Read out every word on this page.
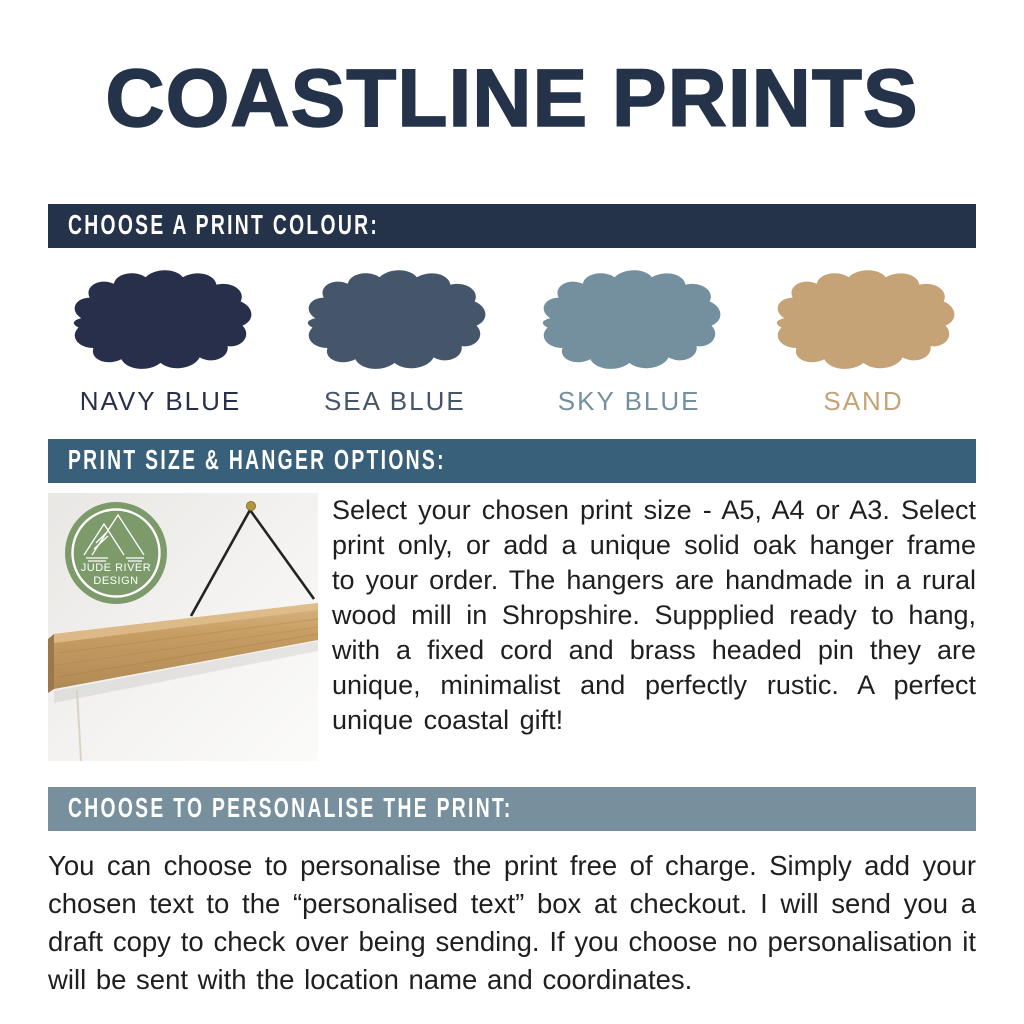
COASTLINE PRINTS
CHOOSE A PRINT COLOUR:
NAVY BLUE	SEA BLUE	SKY BLUE	SAND
PRINT SIZE & HANGER OPTIONS:
JUDE RIVER
DESIGN

Select your chosen print size - A5, A4 or A3. Select print only, or add a unique solid oak hanger frame to your order. The hangers are handmade in a rural wood mill in Shropshire. Suppplied ready to hang, with a fixed cord and brass headed pin they are unique, minimalist and perfectly rustic. A perfect unique coastal gift!

CHOOSE TO PERSONALISE THE PRINT:

You can choose to personalise the print free of charge. Simply add your chosen text to the “personalised text” box at checkout. I will send you a draft copy to check over being sending. If you choose no personalisation it will be sent with the location name and coordinates.
